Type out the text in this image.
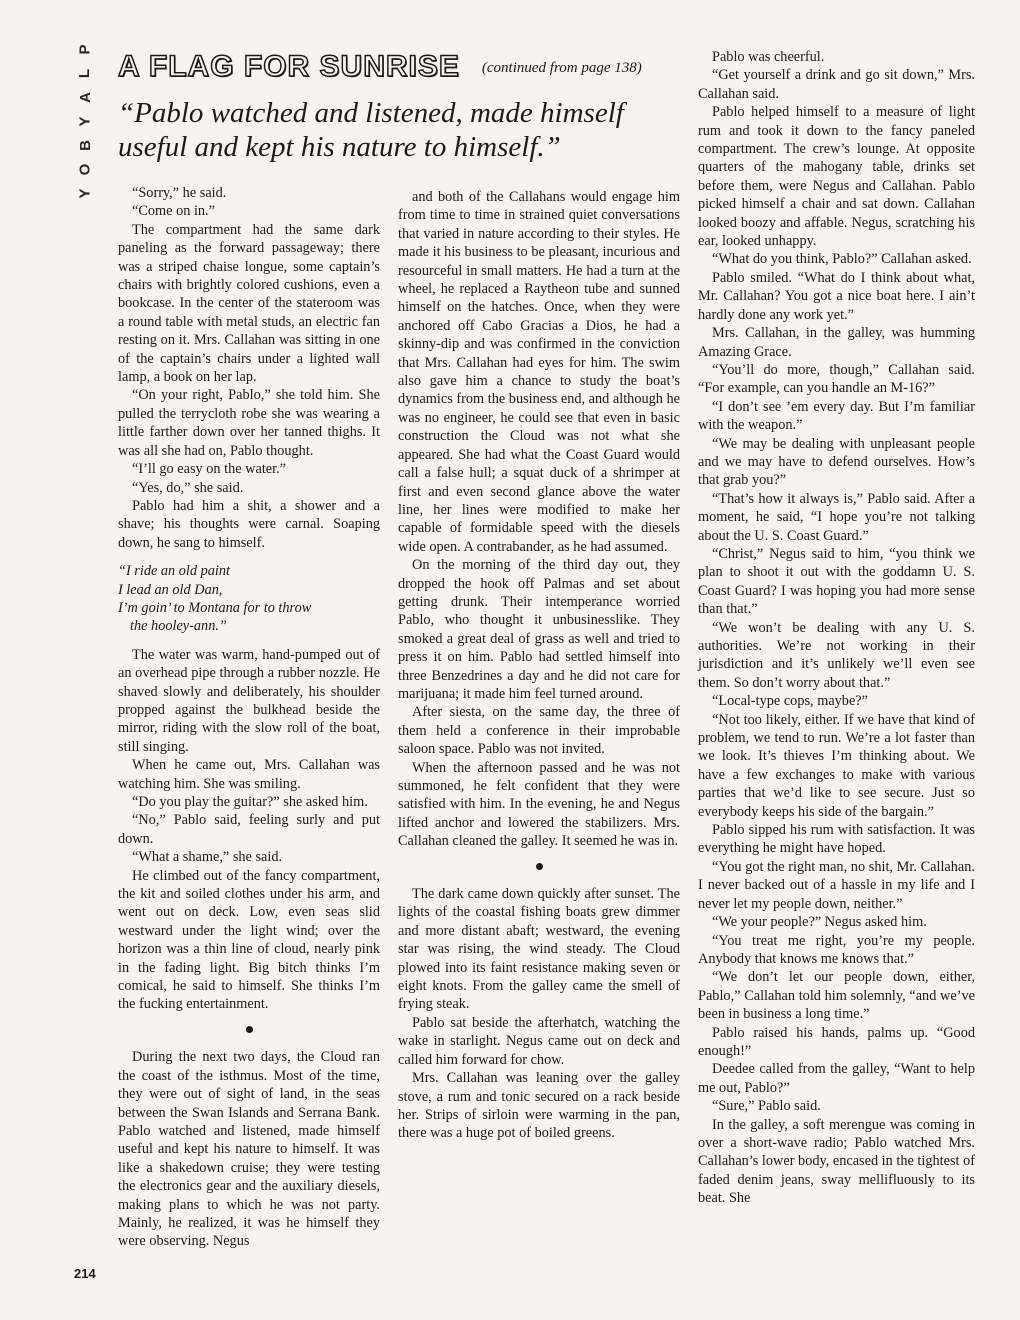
P
L
A
Y
B
O
Y
A FLAG FOR SUNRISE (continued from page 138)
“Pablo watched and listened, made himself useful and kept his nature to himself.”

“Sorry,” he said.

“Come on in.”

The compartment had the same dark paneling as the forward passageway; there was a striped chaise longue, some captain’s chairs with brightly colored cushions, even a bookcase. In the center of the stateroom was a round table with metal studs, an electric fan resting on it. Mrs. Callahan was sitting in one of the captain’s chairs under a lighted wall lamp, a book on her lap.

“On your right, Pablo,” she told him. She pulled the terrycloth robe she was wearing a little farther down over her tanned thighs. It was all she had on, Pablo thought.

“I’ll go easy on the water.”

“Yes, do,” she said.

Pablo had him a shit, a shower and a shave; his thoughts were carnal. Soaping down, he sang to himself.

“I ride an old paint
I lead an old Dan,
I’m goin’ to Montana for to throw
the hooley-ann.”

The water was warm, hand-pumped out of an overhead pipe through a rubber nozzle. He shaved slowly and deliberately, his shoulder propped against the bulkhead beside the mirror, riding with the slow roll of the boat, still singing.

When he came out, Mrs. Callahan was watching him. She was smiling.

“Do you play the guitar?” she asked him.

“No,” Pablo said, feeling surly and put down.

“What a shame,” she said.

He climbed out of the fancy compartment, the kit and soiled clothes under his arm, and went out on deck. Low, even seas slid westward under the light wind; over the horizon was a thin line of cloud, nearly pink in the fading light. Big bitch thinks I’m comical, he said to himself. She thinks I’m the fucking entertainment.

During the next two days, the Cloud ran the coast of the isthmus. Most of the time, they were out of sight of land, in the seas between the Swan Islands and Serrana Bank. Pablo watched and listened, made himself useful and kept his nature to himself. It was like a shakedown cruise; they were testing the electronics gear and the auxiliary diesels, making plans to which he was not party. Mainly, he realized, it was he himself they were observing. Negus

and both of the Callahans would engage him from time to time in strained quiet conversations that varied in nature according to their styles. He made it his business to be pleasant, incurious and resourceful in small matters. He had a turn at the wheel, he replaced a Raytheon tube and sunned himself on the hatches. Once, when they were anchored off Cabo Gracias a Dios, he had a skinny-dip and was confirmed in the conviction that Mrs. Callahan had eyes for him. The swim also gave him a chance to study the boat’s dynamics from the business end, and although he was no engineer, he could see that even in basic construction the Cloud was not what she appeared. She had what the Coast Guard would call a false hull; a squat duck of a shrimper at first and even second glance above the water line, her lines were modified to make her capable of formidable speed with the diesels wide open. A contrabander, as he had assumed.

On the morning of the third day out, they dropped the hook off Palmas and set about getting drunk. Their intemperance worried Pablo, who thought it unbusinesslike. They smoked a great deal of grass as well and tried to press it on him. Pablo had settled himself into three Benzedrines a day and he did not care for marijuana; it made him feel turned around.

After siesta, on the same day, the three of them held a conference in their improbable saloon space. Pablo was not invited.

When the afternoon passed and he was not summoned, he felt confident that they were satisfied with him. In the evening, he and Negus lifted anchor and lowered the stabilizers. Mrs. Callahan cleaned the galley. It seemed he was in.

The dark came down quickly after sunset. The lights of the coastal fishing boats grew dimmer and more distant abaft; westward, the evening star was rising, the wind steady. The Cloud plowed into its faint resistance making seven or eight knots. From the galley came the smell of frying steak.

Pablo sat beside the afterhatch, watching the wake in starlight. Negus came out on deck and called him forward for chow.

Mrs. Callahan was leaning over the galley stove, a rum and tonic secured on a rack beside her. Strips of sirloin were warming in the pan, there was a huge pot of boiled greens.

Pablo was cheerful.

“Get yourself a drink and go sit down,” Mrs. Callahan said.

Pablo helped himself to a measure of light rum and took it down to the fancy paneled compartment. The crew’s lounge. At opposite quarters of the mahogany table, drinks set before them, were Negus and Callahan. Pablo picked himself a chair and sat down. Callahan looked boozy and affable. Negus, scratching his ear, looked unhappy.

“What do you think, Pablo?” Callahan asked.

Pablo smiled. “What do I think about what, Mr. Callahan? You got a nice boat here. I ain’t hardly done any work yet.”

Mrs. Callahan, in the galley, was humming Amazing Grace.

“You’ll do more, though,” Callahan said. “For example, can you handle an M-16?”

“I don’t see ’em every day. But I’m familiar with the weapon.”

“We may be dealing with unpleasant people and we may have to defend ourselves. How’s that grab you?”

“That’s how it always is,” Pablo said. After a moment, he said, “I hope you’re not talking about the U. S. Coast Guard.”

“Christ,” Negus said to him, “you think we plan to shoot it out with the goddamn U. S. Coast Guard? I was hoping you had more sense than that.”

“We won’t be dealing with any U. S. authorities. We’re not working in their jurisdiction and it’s unlikely we’ll even see them. So don’t worry about that.”

“Local-type cops, maybe?”

“Not too likely, either. If we have that kind of problem, we tend to run. We’re a lot faster than we look. It’s thieves I’m thinking about. We have a few exchanges to make with various parties that we’d like to see secure. Just so everybody keeps his side of the bargain.”

Pablo sipped his rum with satisfaction. It was everything he might have hoped.

“You got the right man, no shit, Mr. Callahan. I never backed out of a hassle in my life and I never let my people down, neither.”

“We your people?” Negus asked him.

“You treat me right, you’re my people. Anybody that knows me knows that.”

“We don’t let our people down, either, Pablo,” Callahan told him solemnly, “and we’ve been in business a long time.”

Pablo raised his hands, palms up. “Good enough!”

Deedee called from the galley, “Want to help me out, Pablo?”

“Sure,” Pablo said.

In the galley, a soft merengue was coming in over a short-wave radio; Pablo watched Mrs. Callahan’s lower body, encased in the tightest of faded denim jeans, sway mellifluously to its beat. She

214
